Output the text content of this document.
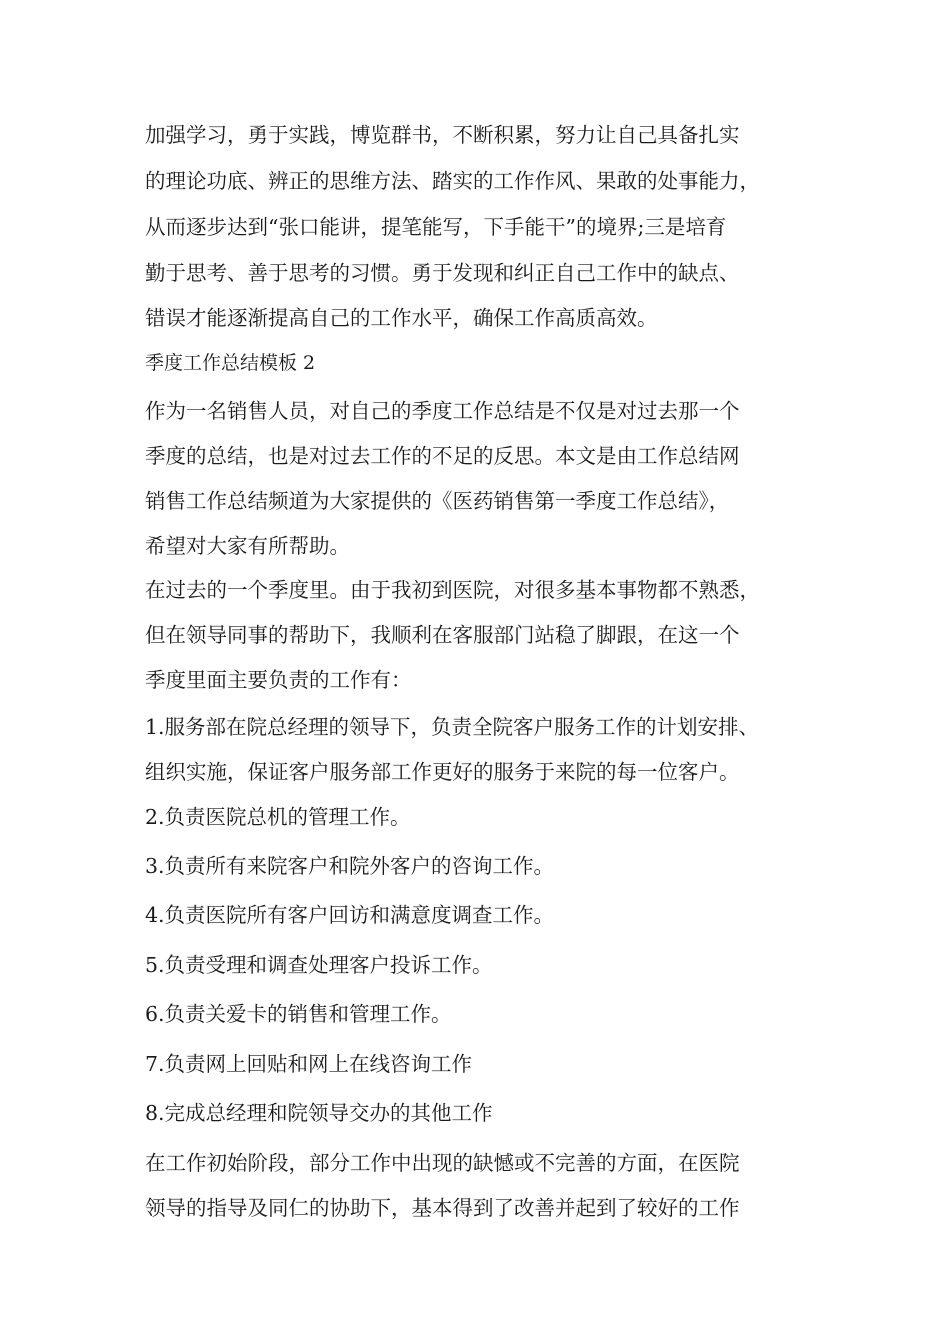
加强学习，勇于实践，博览群书，不断积累，努力让自己具备扎实
的理论功底、辨正的思维方法、踏实的工作作风、果敢的处事能力，
从而逐步达到“张口能讲，提笔能写，下手能干”的境界;三是培育
勤于思考、善于思考的习惯。勇于发现和纠正自己工作中的缺点、
错误才能逐渐提高自己的工作水平，确保工作高质高效。
季度工作总结模板 2
作为一名销售人员，对自己的季度工作总结是不仅是对过去那一个
季度的总结，也是对过去工作的不足的反思。本文是由工作总结网
销售工作总结频道为大家提供的《医药销售第一季度工作总结》，
希望对大家有所帮助。
在过去的一个季度里。由于我初到医院，对很多基本事物都不熟悉，
但在领导同事的帮助下，我顺利在客服部门站稳了脚跟，在这一个
季度里面主要负责的工作有：
1.服务部在院总经理的领导下，负责全院客户服务工作的计划安排、
组织实施，保证客户服务部工作更好的服务于来院的每一位客户。
2.负责医院总机的管理工作。
3.负责所有来院客户和院外客户的咨询工作。
4.负责医院所有客户回访和满意度调查工作。
5.负责受理和调查处理客户投诉工作。
6.负责关爱卡的销售和管理工作。
7.负责网上回贴和网上在线咨询工作
8.完成总经理和院领导交办的其他工作
在工作初始阶段，部分工作中出现的缺憾或不完善的方面，在医院
领导的指导及同仁的协助下，基本得到了改善并起到了较好的工作
